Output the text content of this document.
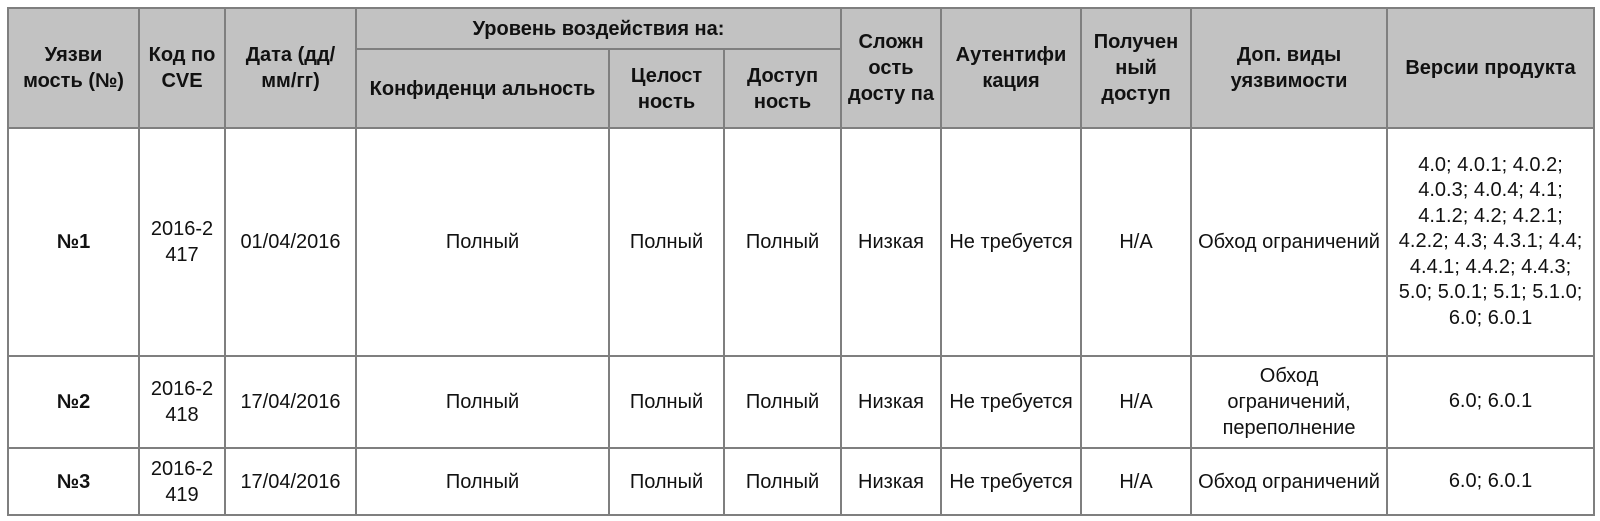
Уязви мость (№)	Код по CVE	Дата (дд/ мм/гг)	Уровень воздействия на:			Сложн ость досту па	Аутентифи кация	Получен ный доступ	Доп. виды уязвимости	Версии продукта
			Конфиденци альность	Целост ность	Доступ ность					
№1	2016-2 417	01/04/2016	Полный	Полный	Полный	Низкая	Не требуется	Н/А	Обход ограничений	4.0; 4.0.1; 4.0.2; 4.0.3; 4.0.4; 4.1; 4.1.2; 4.2; 4.2.1; 4.2.2; 4.3; 4.3.1; 4.4; 4.4.1; 4.4.2; 4.4.3; 5.0; 5.0.1; 5.1; 5.1.0; 6.0; 6.0.1
№2	2016-2 418	17/04/2016	Полный	Полный	Полный	Низкая	Не требуется	Н/А	Обход ограничений, переполнение	6.0; 6.0.1
№3	2016-2 419	17/04/2016	Полный	Полный	Полный	Низкая	Не требуется	Н/А	Обход ограничений	6.0; 6.0.1
